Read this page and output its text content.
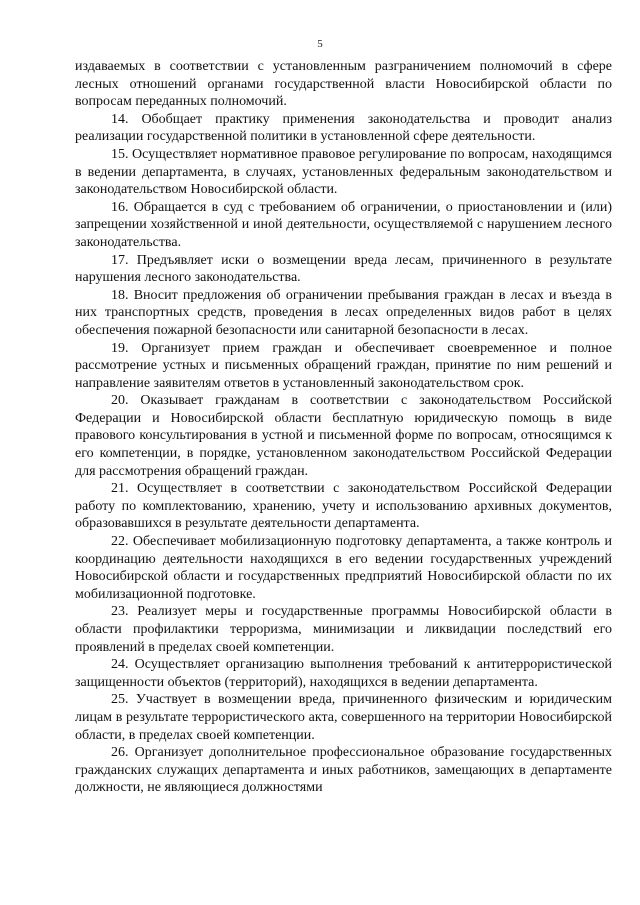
5

издаваемых в соответствии с установленным разграничением полномочий в сфере лесных отношений органами государственной власти Новосибирской области по вопросам переданных полномочий.

14. Обобщает практику применения законодательства и проводит анализ реализации государственной политики в установленной сфере деятельности.

15. Осуществляет нормативное правовое регулирование по вопросам, находящимся в ведении департамента, в случаях, установленных федеральным законодательством и законодательством Новосибирской области.

16. Обращается в суд с требованием об ограничении, о приостановлении и (или) запрещении хозяйственной и иной деятельности, осуществляемой с нарушением лесного законодательства.

17. Предъявляет иски о возмещении вреда лесам, причиненного в результате нарушения лесного законодательства.

18. Вносит предложения об ограничении пребывания граждан в лесах и въезда в них транспортных средств, проведения в лесах определенных видов работ в целях обеспечения пожарной безопасности или санитарной безопасности в лесах.

19. Организует прием граждан и обеспечивает своевременное и полное рассмотрение устных и письменных обращений граждан, принятие по ним решений и направление заявителям ответов в установленный законодательством срок.

20. Оказывает гражданам в соответствии с законодательством Российской Федерации и Новосибирской области бесплатную юридическую помощь в виде правового консультирования в устной и письменной форме по вопросам, относящимся к его компетенции, в порядке, установленном законодательством Российской Федерации для рассмотрения обращений граждан.

21. Осуществляет в соответствии с законодательством Российской Федерации работу по комплектованию, хранению, учету и использованию архивных документов, образовавшихся в результате деятельности департамента.

22. Обеспечивает мобилизационную подготовку департамента, а также контроль и координацию деятельности находящихся в его ведении государственных учреждений Новосибирской области и государственных предприятий Новосибирской области по их мобилизационной подготовке.

23. Реализует меры и государственные программы Новосибирской области в области профилактики терроризма, минимизации и ликвидации последствий его проявлений в пределах своей компетенции.

24. Осуществляет организацию выполнения требований к антитеррористической защищенности объектов (территорий), находящихся в ведении департамента.

25. Участвует в возмещении вреда, причиненного физическим и юридическим лицам в результате террористического акта, совершенного на территории Новосибирской области, в пределах своей компетенции.

26. Организует дополнительное профессиональное образование государственных гражданских служащих департамента и иных работников, замещающих в департаменте должности, не являющиеся должностями
